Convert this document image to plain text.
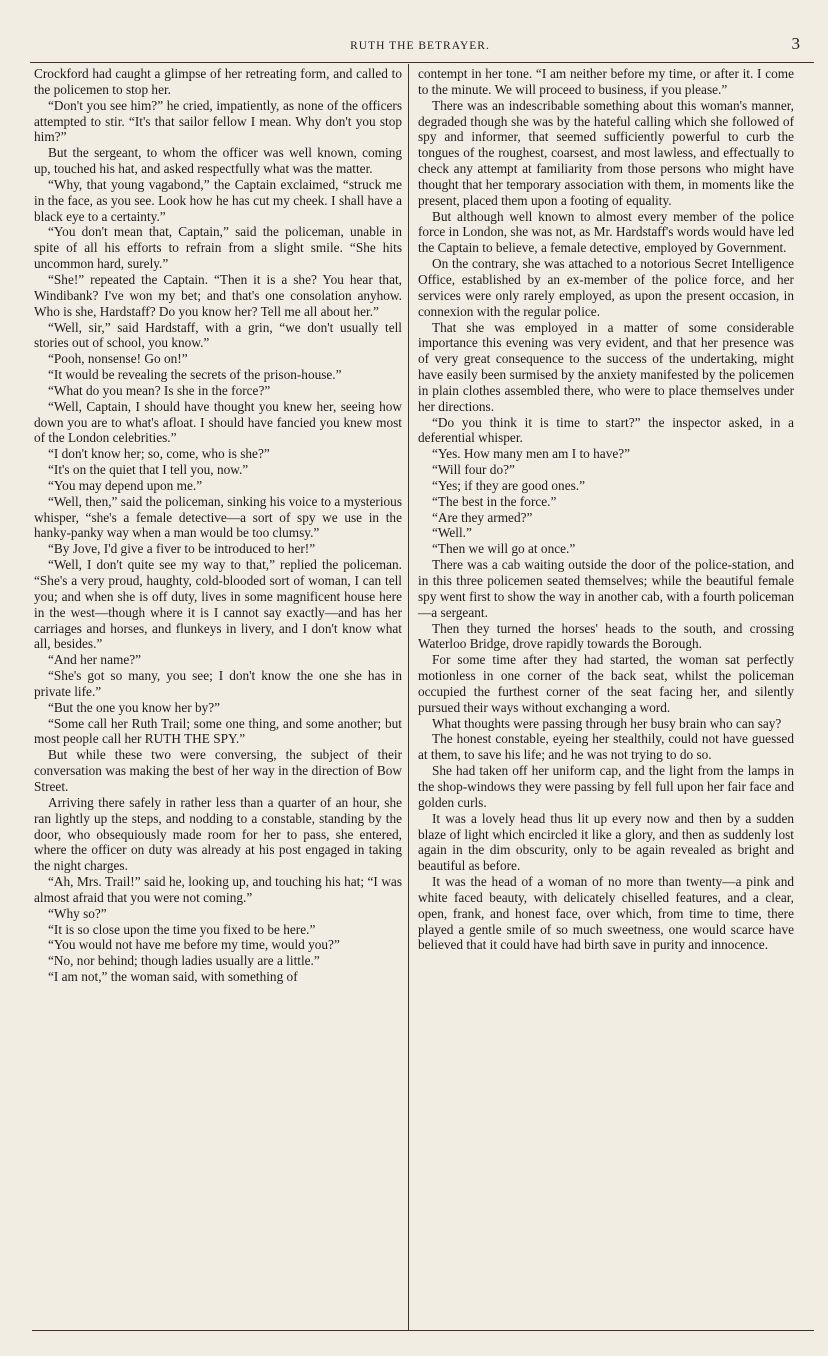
RUTH THE BETRAYER.	3

Crockford had caught a glimpse of her retreating form, and called to the policemen to stop her.

“Don't you see him?” he cried, impatiently, as none of the officers attempted to stir. “It's that sailor fellow I mean. Why don't you stop him?”

But the sergeant, to whom the officer was well known, coming up, touched his hat, and asked respectfully what was the matter.

“Why, that young vagabond,” the Captain exclaimed, “struck me in the face, as you see. Look how he has cut my cheek. I shall have a black eye to a certainty.”

“You don't mean that, Captain,” said the policeman, unable in spite of all his efforts to refrain from a slight smile. “She hits uncommon hard, surely.”

“She!” repeated the Captain. “Then it is a she? You hear that, Windibank? I've won my bet; and that's one consolation anyhow. Who is she, Hardstaff? Do you know her? Tell me all about her.”

“Well, sir,” said Hardstaff, with a grin, “we don't usually tell stories out of school, you know.”

“Pooh, nonsense! Go on!”

“It would be revealing the secrets of the prison-house.”

“What do you mean? Is she in the force?”

“Well, Captain, I should have thought you knew her, seeing how down you are to what's afloat. I should have fancied you knew most of the London celebrities.”

“I don't know her; so, come, who is she?”

“It's on the quiet that I tell you, now.”

“You may depend upon me.”

“Well, then,” said the policeman, sinking his voice to a mysterious whisper, “she's a female detective—a sort of spy we use in the hanky-panky way when a man would be too clumsy.”

“By Jove, I'd give a fiver to be introduced to her!”

“Well, I don't quite see my way to that,” replied the policeman. “She's a very proud, haughty, cold-blooded sort of woman, I can tell you; and when she is off duty, lives in some magnificent house here in the west—though where it is I cannot say exactly—and has her carriages and horses, and flunkeys in livery, and I don't know what all, besides.”

“And her name?”

“She's got so many, you see; I don't know the one she has in private life.”

“But the one you know her by?”

“Some call her Ruth Trail; some one thing, and some another; but most people call her RUTH THE SPY.”

But while these two were conversing, the subject of their conversation was making the best of her way in the direction of Bow Street.

Arriving there safely in rather less than a quarter of an hour, she ran lightly up the steps, and nodding to a constable, standing by the door, who obsequiously made room for her to pass, she entered, where the officer on duty was already at his post engaged in taking the night charges.

“Ah, Mrs. Trail!” said he, looking up, and touching his hat; “I was almost afraid that you were not coming.”

“Why so?”

“It is so close upon the time you fixed to be here.”

“You would not have me before my time, would you?”

“No, nor behind; though ladies usually are a little.”

“I am not,” the woman said, with something of

contempt in her tone. “I am neither before my time, or after it. I come to the minute. We will proceed to business, if you please.”

There was an indescribable something about this woman's manner, degraded though she was by the hateful calling which she followed of spy and informer, that seemed sufficiently powerful to curb the tongues of the roughest, coarsest, and most lawless, and effectually to check any attempt at familiarity from those persons who might have thought that her temporary association with them, in moments like the present, placed them upon a footing of equality.

But although well known to almost every member of the police force in London, she was not, as Mr. Hardstaff's words would have led the Captain to believe, a female detective, employed by Government.

On the contrary, she was attached to a notorious Secret Intelligence Office, established by an ex-member of the police force, and her services were only rarely employed, as upon the present occasion, in connexion with the regular police.

That she was employed in a matter of some considerable importance this evening was very evident, and that her presence was of very great consequence to the success of the undertaking, might have easily been surmised by the anxiety manifested by the policemen in plain clothes assembled there, who were to place themselves under her directions.

“Do you think it is time to start?” the inspector asked, in a deferential whisper.

“Yes. How many men am I to have?”

“Will four do?”

“Yes; if they are good ones.”

“The best in the force.”

“Are they armed?”

“Well.”

“Then we will go at once.”

There was a cab waiting outside the door of the police-station, and in this three policemen seated themselves; while the beautiful female spy went first to show the way in another cab, with a fourth policeman—a sergeant.

Then they turned the horses' heads to the south, and crossing Waterloo Bridge, drove rapidly towards the Borough.

For some time after they had started, the woman sat perfectly motionless in one corner of the back seat, whilst the policeman occupied the furthest corner of the seat facing her, and silently pursued their ways without exchanging a word.

What thoughts were passing through her busy brain who can say?

The honest constable, eyeing her stealthily, could not have guessed at them, to save his life; and he was not trying to do so.

She had taken off her uniform cap, and the light from the lamps in the shop-windows they were passing by fell full upon her fair face and golden curls.

It was a lovely head thus lit up every now and then by a sudden blaze of light which encircled it like a glory, and then as suddenly lost again in the dim obscurity, only to be again revealed as bright and beautiful as before.

It was the head of a woman of no more than twenty—a pink and white faced beauty, with delicately chiselled features, and a clear, open, frank, and honest face, over which, from time to time, there played a gentle smile of so much sweetness, one would scarce have believed that it could have had birth save in purity and innocence.
